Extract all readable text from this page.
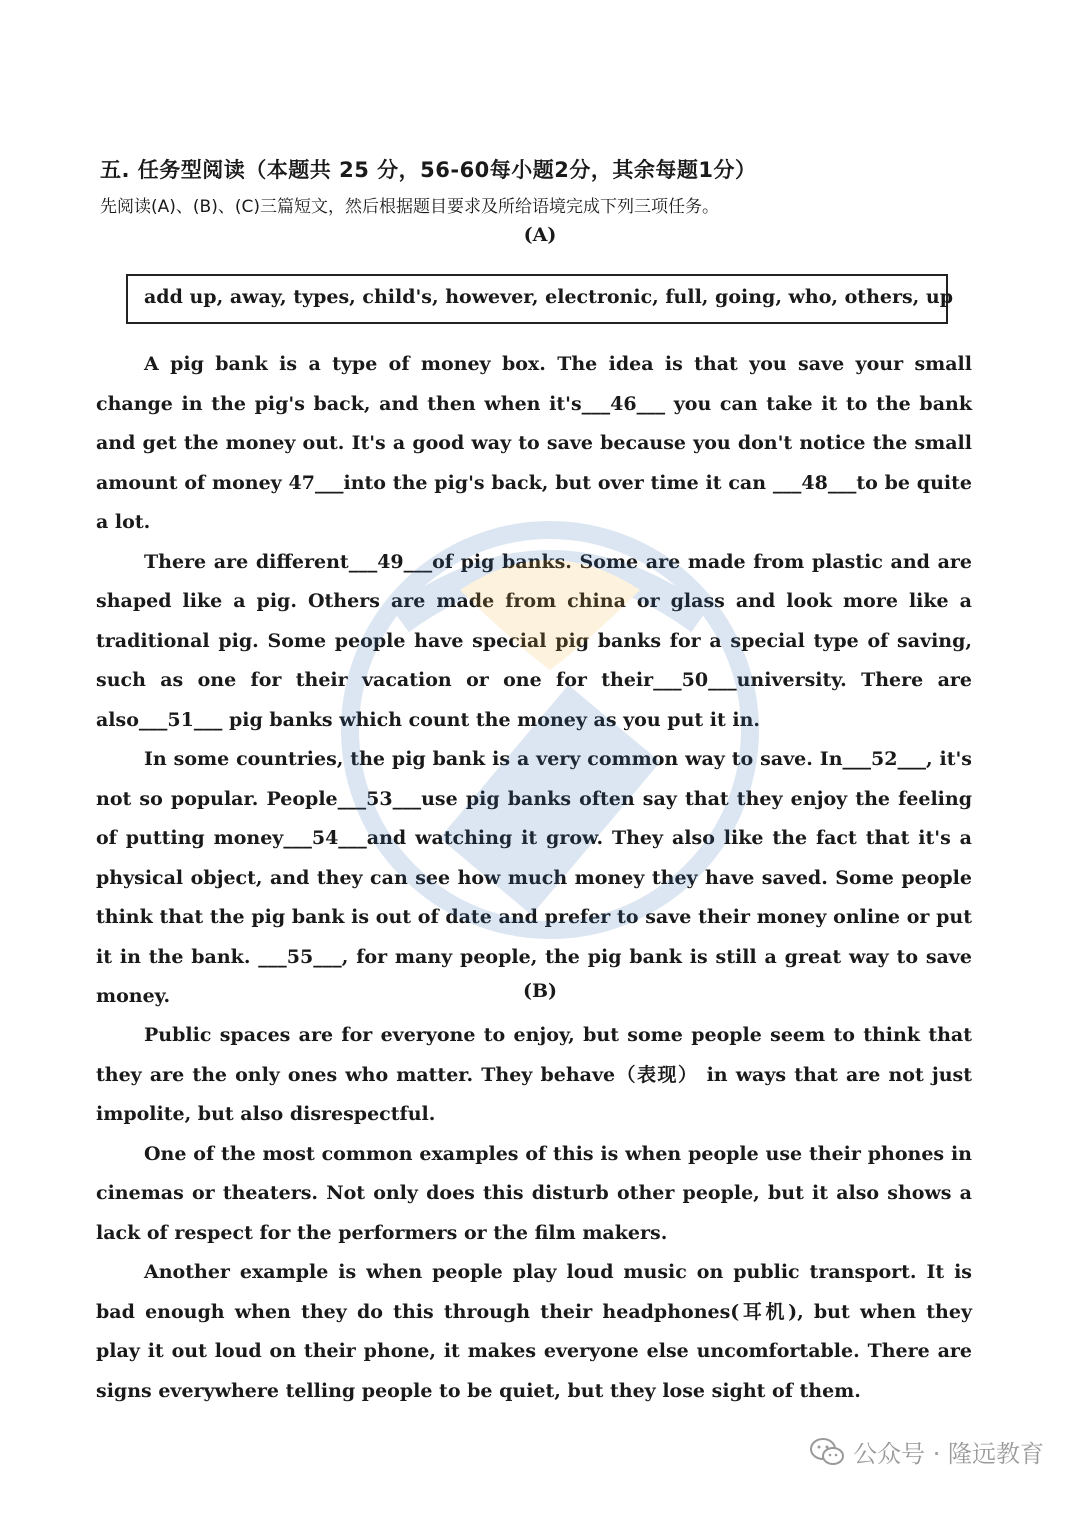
五. 任务型阅读（本题共 25 分，56-60每小题2分，其余每题1分）
先阅读(A)、(B)、(C)三篇短文，然后根据题目要求及所给语境完成下列三项任务。
(A)
add up, away, types, child's, however, electronic, full, going, who, others, up

A pig bank is a type of money box. The idea is that you save your small change in the pig's back, and then when it's___46___ you can take it to the bank and get the money out. It's a good way to save because you don't notice the small amount of money 47___into the pig's back, but over time it can ___48___to be quite a lot.

There are different___49___of pig banks. Some are made from plastic and are shaped like a pig. Others are made from china or glass and look more like a traditional pig. Some people have special pig banks for a special type of saving, such as one for their vacation or one for their___50___university. There are also___51___ pig banks which count the money as you put it in.

In some countries, the pig bank is a very common way to save. In___52___, it's not so popular. People___53___use pig banks often say that they enjoy the feeling of putting money___54___and watching it grow. They also like the fact that it's a physical object, and they can see how much money they have saved. Some people think that the pig bank is out of date and prefer to save their money online or put it in the bank. ___55___, for many people, the pig bank is still a great way to save money.	(B)

Public spaces are for everyone to enjoy, but some people seem to think that they are the only ones who matter. They behave（表现） in ways that are not just impolite, but also disrespectful.

One of the most common examples of this is when people use their phones in cinemas or theaters. Not only does this disturb other people, but it also shows a lack of respect for the performers or the film makers.

Another example is when people play loud music on public transport. It is bad enough when they do this through their headphones(耳机), but when they play it out loud on their phone, it makes everyone else uncomfortable. There are signs everywhere telling people to be quiet, but they lose sight of them.

公众号 · 隆远教育
